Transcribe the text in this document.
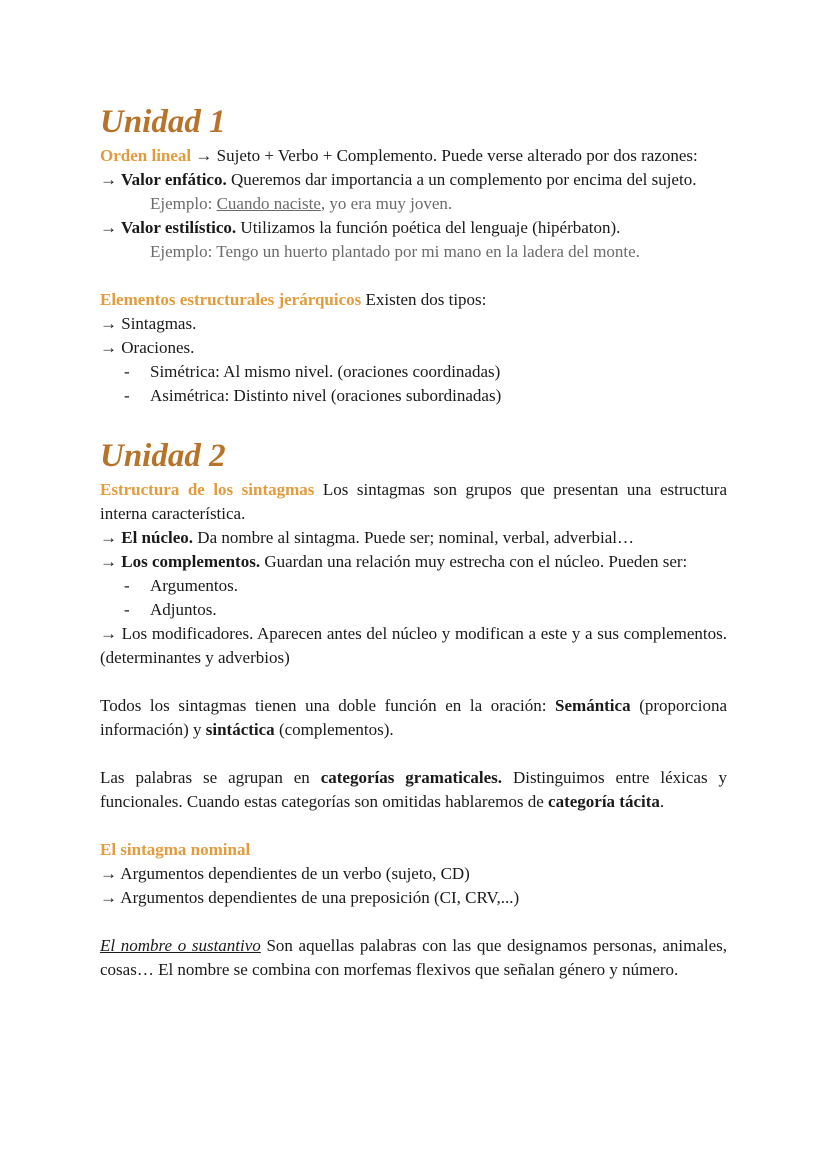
Unidad 1

Orden lineal → Sujeto + Verbo + Complemento. Puede verse alterado por dos razones:

→ Valor enfático. Queremos dar importancia a un complemento por encima del sujeto.

Ejemplo: Cuando naciste, yo era muy joven.

→ Valor estilístico. Utilizamos la función poética del lenguaje (hipérbaton).

Ejemplo: Tengo un huerto plantado por mi mano en la ladera del monte.

Elementos estructurales jerárquicos Existen dos tipos:

→ Sintagmas.

→ Oraciones.

- Simétrica: Al mismo nivel. (oraciones coordinadas)

- Asimétrica: Distinto nivel (oraciones subordinadas)

Unidad 2

Estructura de los sintagmas Los sintagmas son grupos que presentan una estructura interna característica.

→ El núcleo. Da nombre al sintagma. Puede ser; nominal, verbal, adverbial…

→ Los complementos. Guardan una relación muy estrecha con el núcleo. Pueden ser:

- Argumentos.

- Adjuntos.

→ Los modificadores. Aparecen antes del núcleo y modifican a este y a sus complementos. (determinantes y adverbios)

Todos los sintagmas tienen una doble función en la oración: Semántica (proporciona información) y sintáctica (complementos).

Las palabras se agrupan en categorías gramaticales. Distinguimos entre léxicas y funcionales. Cuando estas categorías son omitidas hablaremos de categoría tácita.

El sintagma nominal

→ Argumentos dependientes de un verbo (sujeto, CD)

→ Argumentos dependientes de una preposición (CI, CRV,...)

El nombre o sustantivo Son aquellas palabras con las que designamos personas, animales, cosas… El nombre se combina con morfemas flexivos que señalan género y número.
